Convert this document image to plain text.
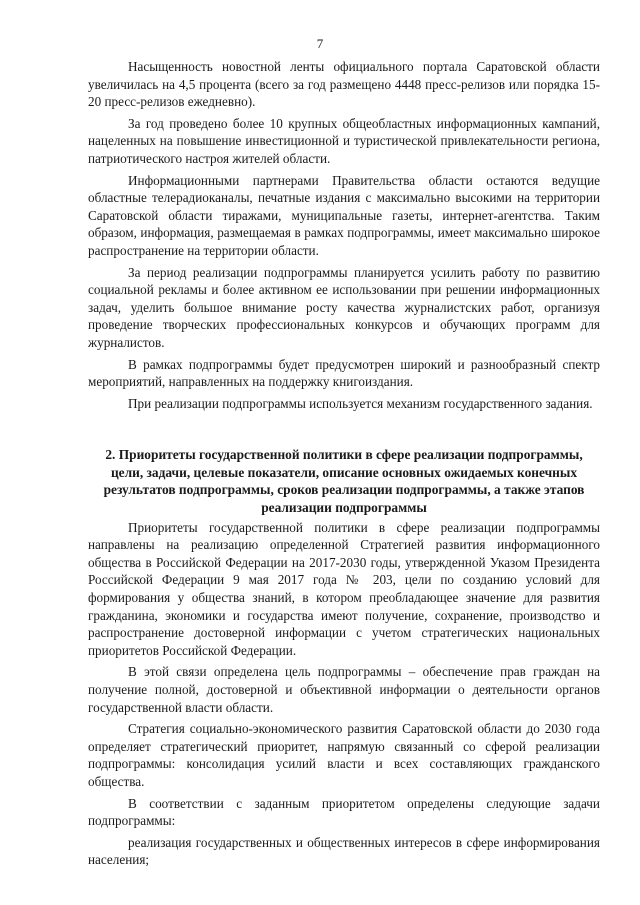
7

Насыщенность новостной ленты официального портала Саратовской области увеличилась на 4,5 процента (всего за год размещено 4448 пресс-релизов или порядка 15-20 пресс-релизов ежедневно).

За год проведено более 10 крупных общеобластных информационных кампаний, нацеленных на повышение инвестиционной и туристической привлекательности региона, патриотического настроя жителей области.

Информационными партнерами Правительства области остаются ведущие областные телерадиоканалы, печатные издания с максимально высокими на территории Саратовской области тиражами, муниципальные газеты, интернет-агентства. Таким образом, информация, размещаемая в рамках подпрограммы, имеет максимально широкое распространение на территории области.

За период реализации подпрограммы планируется усилить работу по развитию социальной рекламы и более активном ее использовании при решении информационных задач, уделить большое внимание росту качества журналистских работ, организуя проведение творческих профессиональных конкурсов и обучающих программ для журналистов.

В рамках подпрограммы будет предусмотрен широкий и разнообразный спектр мероприятий, направленных на поддержку книгоиздания.

При реализации подпрограммы используется механизм государственного задания.

2. Приоритеты государственной политики в сфере реализации подпрограммы, цели, задачи, целевые показатели, описание основных ожидаемых конечных результатов подпрограммы, сроков реализации подпрограммы, а также этапов реализации подпрограммы

Приоритеты государственной политики в сфере реализации подпрограммы направлены на реализацию определенной Стратегией развития информационного общества в Российской Федерации на 2017-2030 годы, утвержденной Указом Президента Российской Федерации 9 мая 2017 года № 203, цели по созданию условий для формирования у общества знаний, в котором преобладающее значение для развития гражданина, экономики и государства имеют получение, сохранение, производство и распространение достоверной информации с учетом стратегических национальных приоритетов Российской Федерации.

В этой связи определена цель подпрограммы – обеспечение прав граждан на получение полной, достоверной и объективной информации о деятельности органов государственной власти области.

Стратегия социально-экономического развития Саратовской области до 2030 года определяет стратегический приоритет, напрямую связанный со сферой реализации подпрограммы: консолидация усилий власти и всех составляющих гражданского общества.

В соответствии с заданным приоритетом определены следующие задачи подпрограммы:

реализация государственных и общественных интересов в сфере информирования населения;
